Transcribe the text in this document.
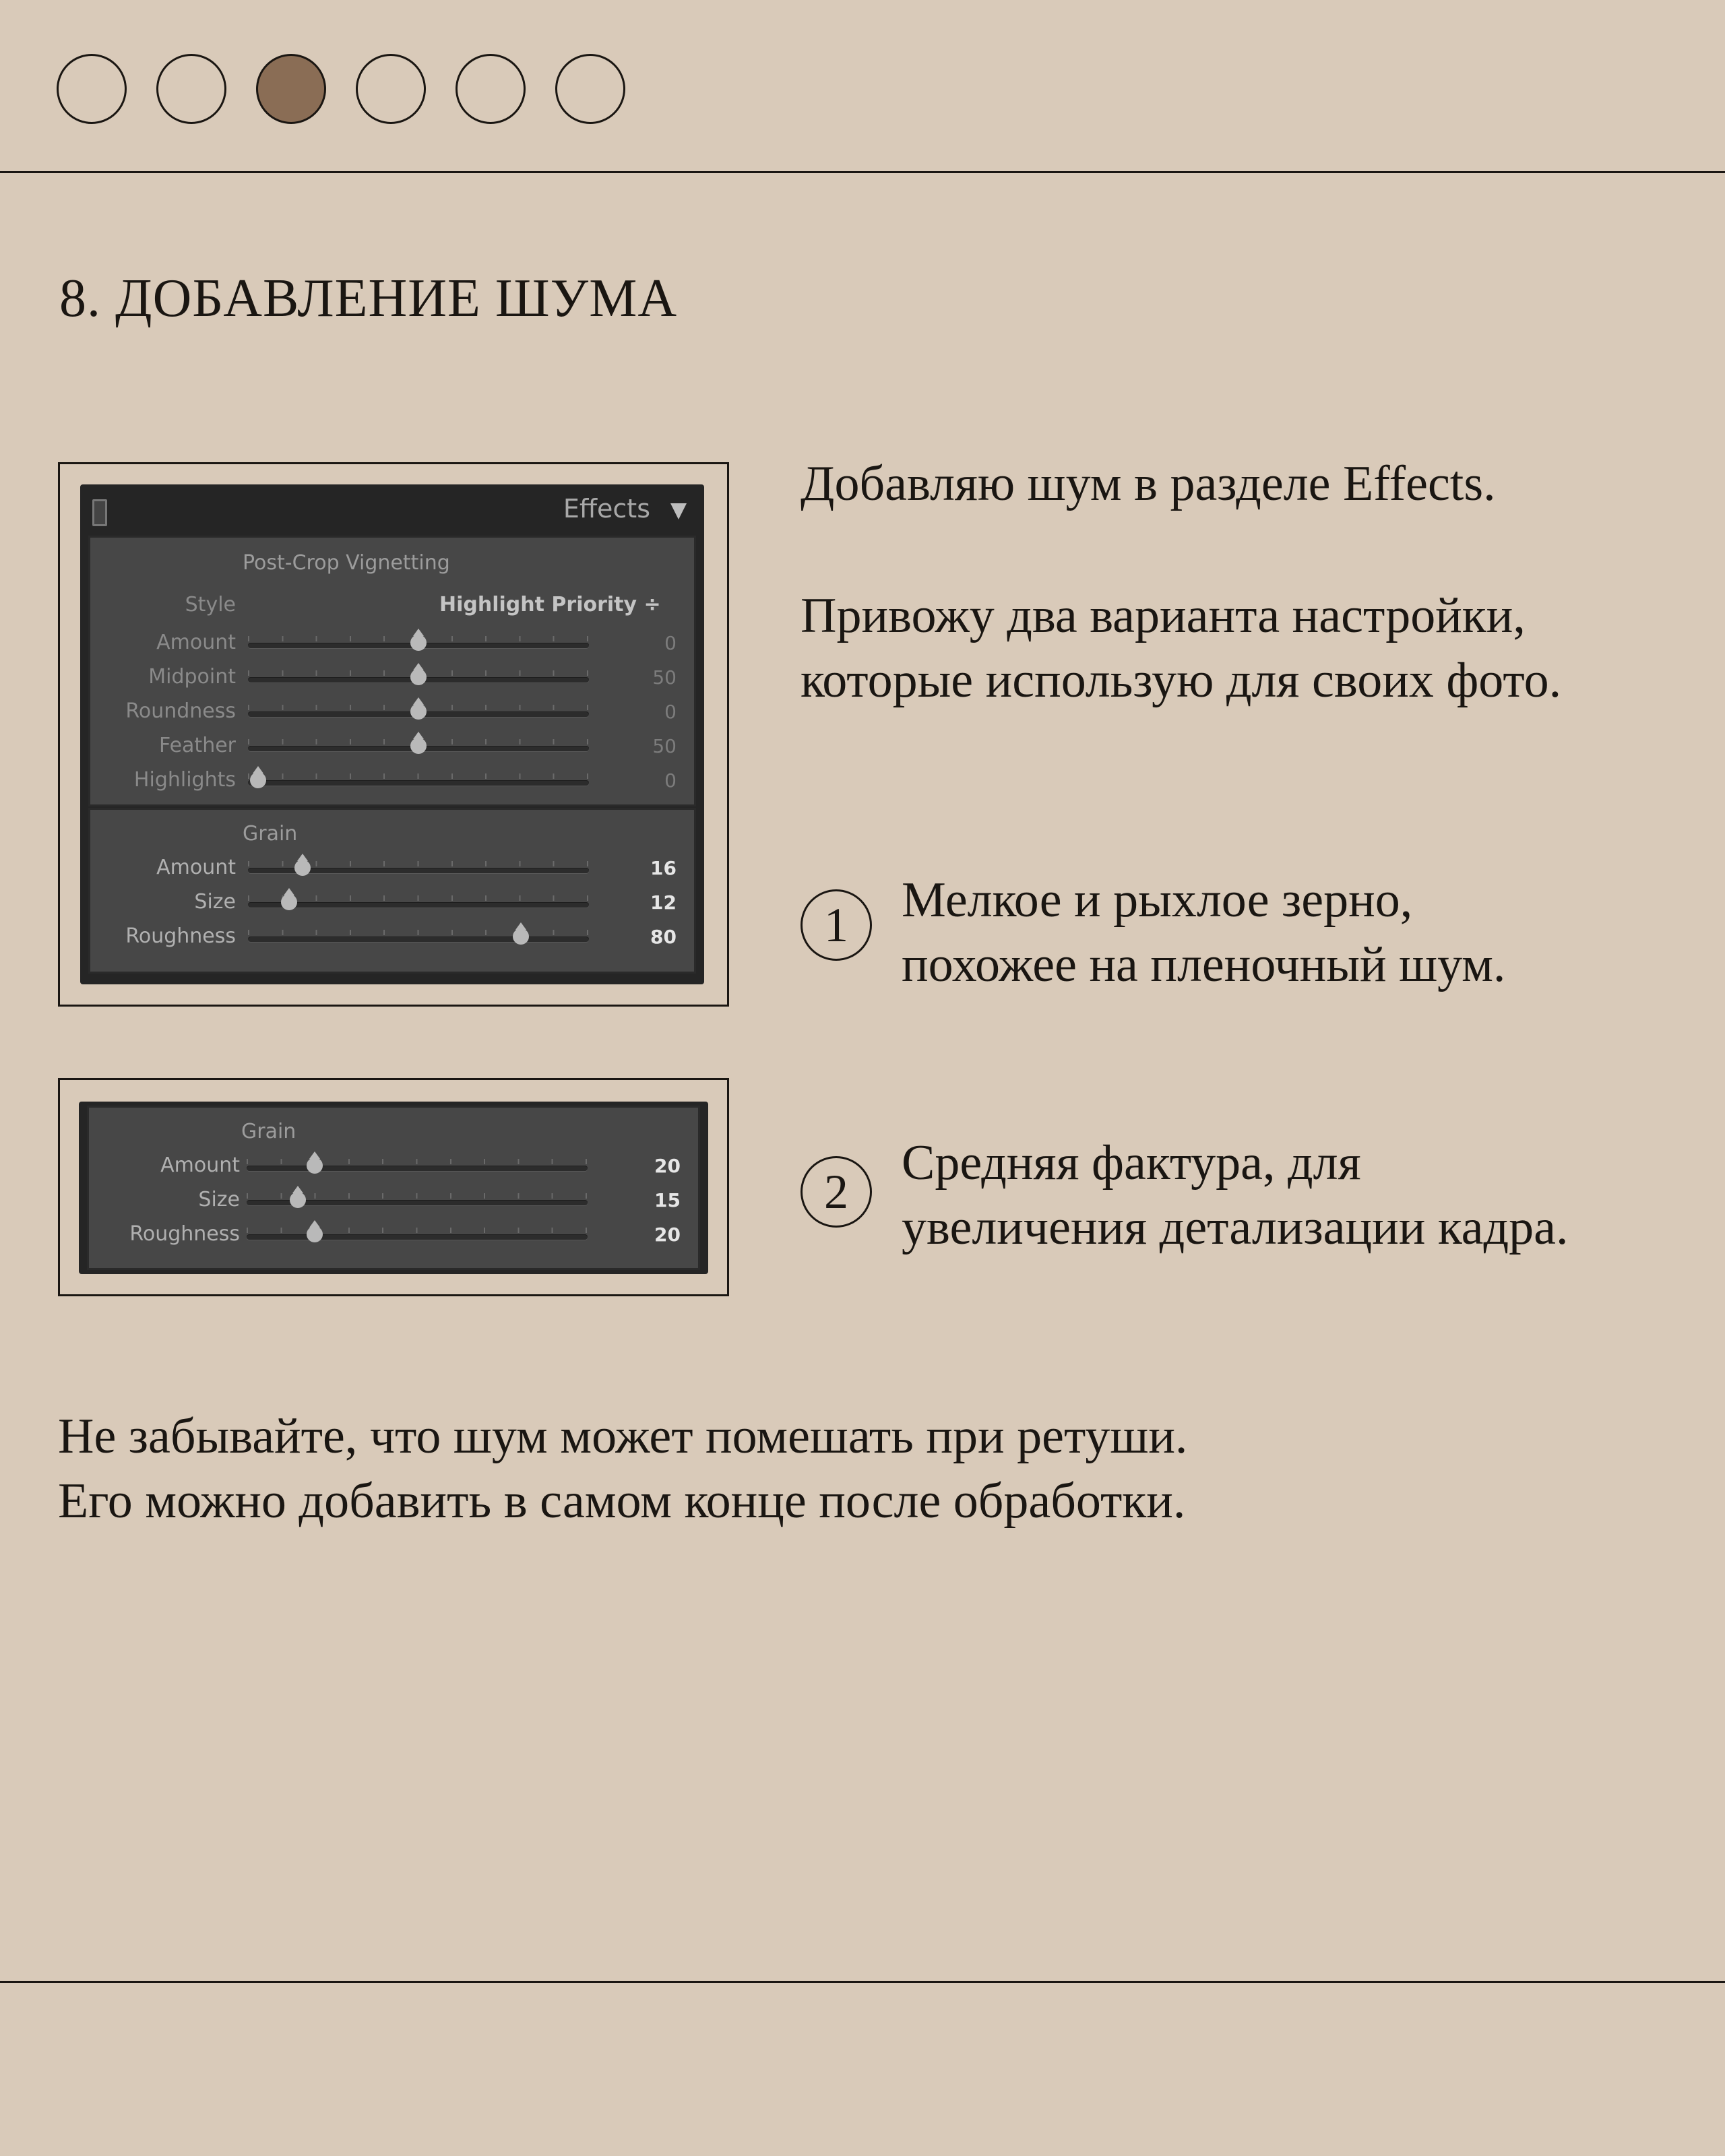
8. ДОБАВЛЕНИЕ ШУМА
Effects
Post-Crop Vignetting
Style	Highlight Priority ÷
Amount	0
Midpoint	50
Roundness	0
Feather	50
Highlights	0
Grain
Amount	16
Size	12
Roughness	80
Grain
Amount	20
Size	15
Roughness	20
Добавляю шум в разделе Effects.
Привожу два варианта настройки,
которые использую для своих фото.
1	Мелкое и рыхлое зерно,
похожее на пленочный шум.
2
Средняя фактура, для
увеличения детализации кадра.
Не забывайте, что шум может помешать при ретуши.
Его можно добавить в самом конце после обработки.
